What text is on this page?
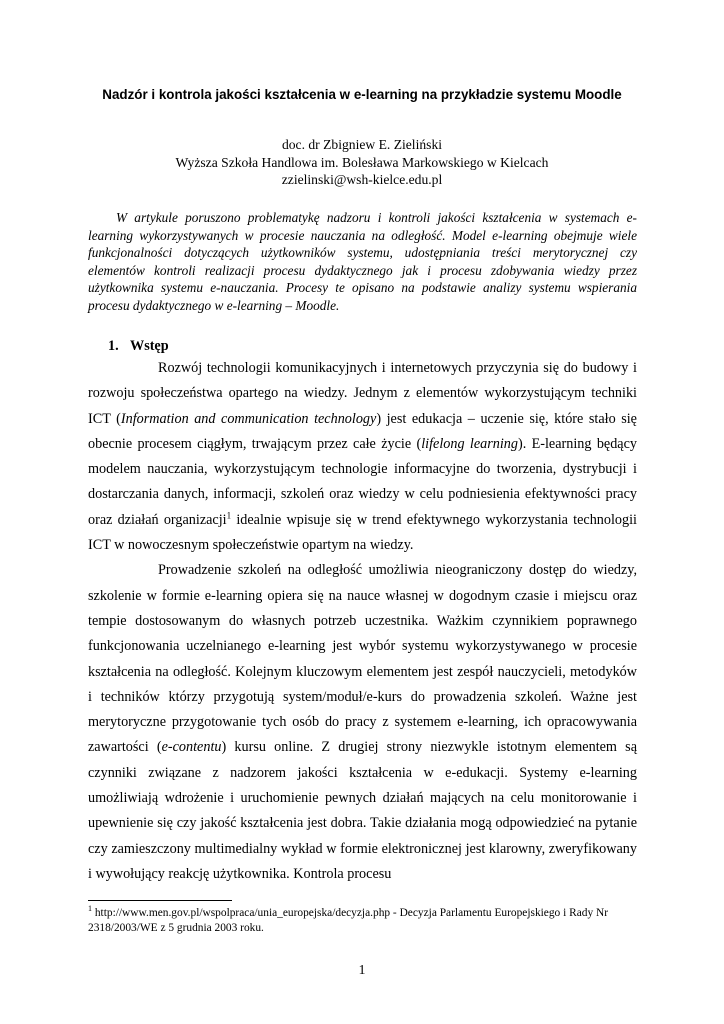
Nadzór i kontrola jakości kształcenia w e-learning na przykładzie systemu Moodle
doc. dr Zbigniew E. Zieliński
Wyższa Szkoła Handlowa im. Bolesława Markowskiego w Kielcach
zzielinski@wsh-kielce.edu.pl
W artykule poruszono problematykę nadzoru i kontroli jakości kształcenia w systemach e-learning wykorzystywanych w procesie nauczania na odległość. Model e-learning obejmuje wiele funkcjonalności dotyczących użytkowników systemu, udostępniania treści merytorycznej czy elementów kontroli realizacji procesu dydaktycznego jak i procesu zdobywania wiedzy przez użytkownika systemu e-nauczania. Procesy te opisano na podstawie analizy systemu wspierania procesu dydaktycznego w e-learning – Moodle.
1. Wstęp

Rozwój technologii komunikacyjnych i internetowych przyczynia się do budowy i rozwoju społeczeństwa opartego na wiedzy. Jednym z elementów wykorzystującym techniki ICT (Information and communication technology) jest edukacja – uczenie się, które stało się obecnie procesem ciągłym, trwającym przez całe życie (lifelong learning). E-learning będący modelem nauczania, wykorzystującym technologie informacyjne do tworzenia, dystrybucji i dostarczania danych, informacji, szkoleń oraz wiedzy w celu podniesienia efektywności pracy oraz działań organizacji$^1$ idealnie wpisuje się w trend efektywnego wykorzystania technologii ICT w nowoczesnym społeczeństwie opartym na wiedzy.

Prowadzenie szkoleń na odległość umożliwia nieograniczony dostęp do wiedzy, szkolenie w formie e-learning opiera się na nauce własnej w dogodnym czasie i miejscu oraz tempie dostosowanym do własnych potrzeb uczestnika. Ważkim czynnikiem poprawnego funkcjonowania uczelnianego e-learning jest wybór systemu wykorzystywanego w procesie kształcenia na odległość. Kolejnym kluczowym elementem jest zespół nauczycieli, metodyków i techników którzy przygotują system/moduł/e-kurs do prowadzenia szkoleń. Ważne jest merytoryczne przygotowanie tych osób do pracy z systemem e-learning, ich opracowywania zawartości (e-contentu) kursu online. Z drugiej strony niezwykle istotnym elementem są czynniki związane z nadzorem jakości kształcenia w e-edukacji. Systemy e-learning umożliwiają wdrożenie i uruchomienie pewnych działań mających na celu monitorowanie i upewnienie się czy jakość kształcenia jest dobra. Takie działania mogą odpowiedzieć na pytanie czy zamieszczony multimedialny wykład w formie elektronicznej jest klarowny, zweryfikowany i wywołujący reakcję użytkownika. Kontrola procesu

$^1$ http://www.men.gov.pl/wspolpraca/unia_europejska/decyzja.php - Decyzja Parlamentu Europejskiego i Rady Nr 2318/2003/WE z 5 grudnia 2003 roku.
1
